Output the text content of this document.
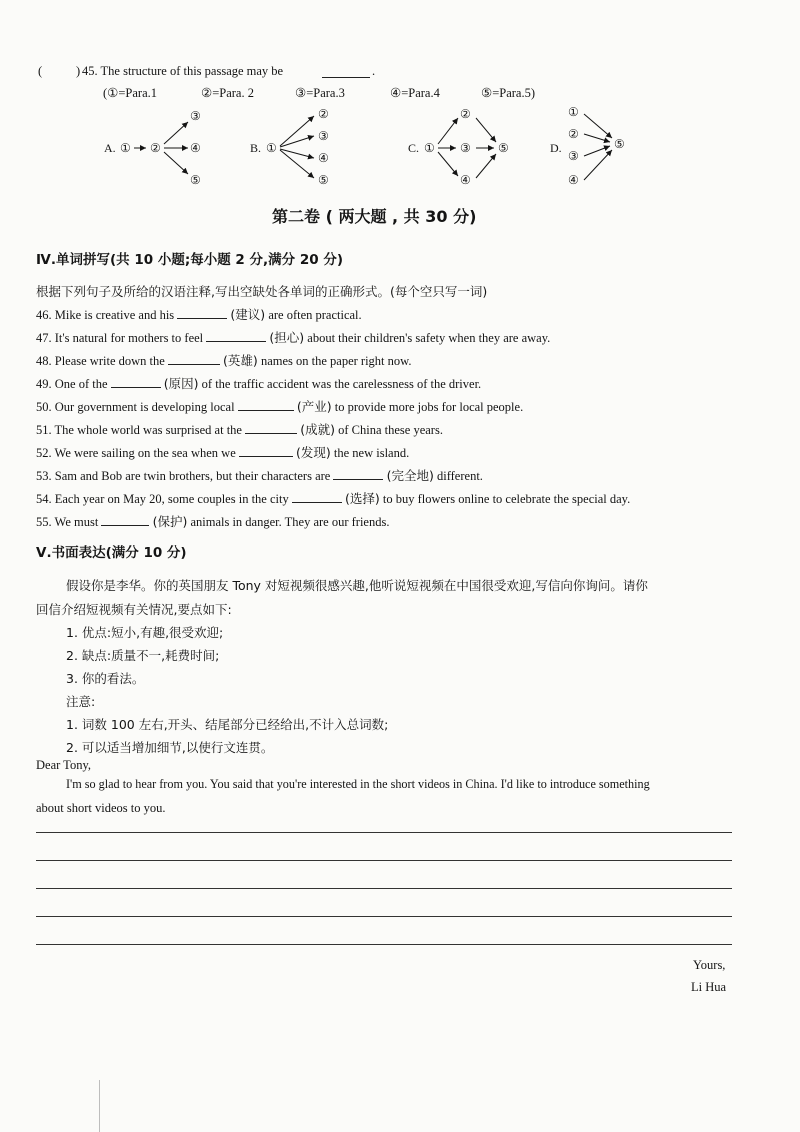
(	) 45. The structure of this passage may be	.
(①=Para.1	②=Para. 2	③=Para.3	④=Para.4	⑤=Para.5)
A. ① ②
③
④
⑤
B. ①
②
③
④
⑤
C. ①
②
③
④
⑤	D.
①
②
③
④
⑤
第二卷 ( 两大题 , 共 30 分)
Ⅳ.单词拼写(共 10 小题;每小题 2 分,满分 20 分)
根据下列句子及所给的汉语注释,写出空缺处各单词的正确形式。(每个空只写一词)
46. Mike is creative and his	(建议) are often practical.
47. It's natural for mothers to feel	(担心) about their children's safety when they are away.
48. Please write down the	(英雄) names on the paper right now.
49. One of the	(原因) of the traffic accident was the carelessness of the driver.
50. Our government is developing local	(产业) to provide more jobs for local people.
51. The whole world was surprised at the	(成就) of China these years.
52. We were sailing on the sea when we	(发现) the new island.
53. Sam and Bob are twin brothers, but their characters are	(完全地) different.
54. Each year on May 20, some couples in the city	(选择) to buy flowers online to celebrate the special day.
55. We must	(保护) animals in danger. They are our friends.
Ⅴ.书面表达(满分 10 分)
假设你是李华。你的英国朋友 Tony 对短视频很感兴趣,他听说短视频在中国很受欢迎,写信向你询问。请你
回信介绍短视频有关情况,要点如下:
1. 优点:短小,有趣,很受欢迎;
2. 缺点:质量不一,耗费时间;
3. 你的看法。
注意:
1. 词数 100 左右,开头、结尾部分已经给出,不计入总词数;
2. 可以适当增加细节,以使行文连贯。
Dear Tony,
I'm so glad to hear from you. You said that you're interested in the short videos in China. I'd like to introduce something
about short videos to you.
Yours,
Li Hua
